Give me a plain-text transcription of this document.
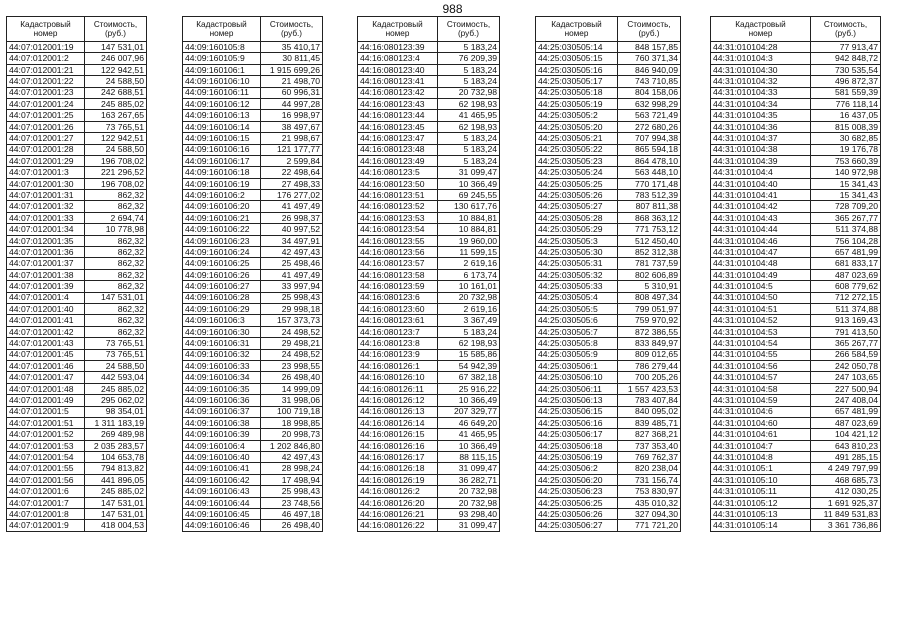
988
Кадастровый
номер	Стоимость,
(руб.)

44:07:012001:19	147 531,01
44:07:012001:2	246 007,96
44:07:012001:21	122 942,51
44:07:012001:22	24 588,50
44:07:012001:23	242 688,51
44:07:012001:24	245 885,02
44:07:012001:25	163 267,65
44:07:012001:26	73 765,51
44:07:012001:27	122 942,51
44:07:012001:28	24 588,50
44:07:012001:29	196 708,02
44:07:012001:3	221 296,52
44:07:012001:30	196 708,02
44:07:012001:31	862,32
44:07:012001:32	862,32
44:07:012001:33	2 694,74
44:07:012001:34	10 778,98
44:07:012001:35	862,32
44:07:012001:36	862,32
44:07:012001:37	862,32
44:07:012001:38	862,32
44:07:012001:39	862,32
44:07:012001:4	147 531,01
44:07:012001:40	862,32
44:07:012001:41	862,32
44:07:012001:42	862,32
44:07:012001:43	73 765,51
44:07:012001:45	73 765,51
44:07:012001:46	24 588,50
44:07:012001:47	442 593,04
44:07:012001:48	245 885,02
44:07:012001:49	295 062,02
44:07:012001:5	98 354,01
44:07:012001:51	1 311 183,19
44:07:012001:52	269 489,98
44:07:012001:53	2 035 283,57
44:07:012001:54	104 653,78
44:07:012001:55	794 813,82
44:07:012001:56	441 896,05
44:07:012001:6	245 885,02
44:07:012001:7	147 531,01
44:07:012001:8	147 531,01
44:07:012001:9	418 004,53
Кадастровый
номер	Стоимость,
(руб.)

44:09:160105:8	35 410,17
44:09:160105:9	30 811,45
44:09:160106:1	1 915 699,26
44:09:160106:10	21 498,70
44:09:160106:11	60 996,31
44:09:160106:12	44 997,28
44:09:160106:13	16 998,97
44:09:160106:14	38 497,67
44:09:160106:15	21 998,67
44:09:160106:16	121 177,77
44:09:160106:17	2 599,84
44:09:160106:18	22 498,64
44:09:160106:19	27 498,33
44:09:160106:2	176 277,02
44:09:160106:20	41 497,49
44:09:160106:21	26 998,37
44:09:160106:22	40 997,52
44:09:160106:23	34 497,91
44:09:160106:24	42 497,43
44:09:160106:25	25 498,46
44:09:160106:26	41 497,49
44:09:160106:27	33 997,94
44:09:160106:28	25 998,43
44:09:160106:29	29 998,18
44:09:160106:3	157 373,73
44:09:160106:30	24 498,52
44:09:160106:31	29 498,21
44:09:160106:32	24 498,52
44:09:160106:33	23 998,55
44:09:160106:34	26 498,40
44:09:160106:35	14 999,09
44:09:160106:36	31 998,06
44:09:160106:37	100 719,18
44:09:160106:38	18 998,85
44:09:160106:39	20 998,73
44:09:160106:4	1 202 846,80
44:09:160106:40	42 497,43
44:09:160106:41	28 998,24
44:09:160106:42	17 498,94
44:09:160106:43	25 998,43
44:09:160106:44	23 748,56
44:09:160106:45	46 497,18
44:09:160106:46	26 498,40
Кадастровый
номер	Стоимость,
(руб.)

44:16:080123:39	5 183,24
44:16:080123:4	76 209,39
44:16:080123:40	5 183,24
44:16:080123:41	5 183,24
44:16:080123:42	20 732,98
44:16:080123:43	62 198,93
44:16:080123:44	41 465,95
44:16:080123:45	62 198,93
44:16:080123:47	5 183,24
44:16:080123:48	5 183,24
44:16:080123:49	5 183,24
44:16:080123:5	31 099,47
44:16:080123:50	10 366,49
44:16:080123:51	69 245,55
44:16:080123:52	130 617,76
44:16:080123:53	10 884,81
44:16:080123:54	10 884,81
44:16:080123:55	19 960,00
44:16:080123:56	11 599,15
44:16:080123:57	2 619,16
44:16:080123:58	6 173,74
44:16:080123:59	10 161,01
44:16:080123:6	20 732,98
44:16:080123:60	2 619,16
44:16:080123:61	3 367,49
44:16:080123:7	5 183,24
44:16:080123:8	62 198,93
44:16:080123:9	15 585,86
44:16:080126:1	54 942,39
44:16:080126:10	67 382,18
44:16:080126:11	25 916,22
44:16:080126:12	10 366,49
44:16:080126:13	207 329,77
44:16:080126:14	46 649,20
44:16:080126:15	41 465,95
44:16:080126:16	10 366,49
44:16:080126:17	88 115,15
44:16:080126:18	31 099,47
44:16:080126:19	36 282,71
44:16:080126:2	20 732,98
44:16:080126:20	20 732,98
44:16:080126:21	93 298,40
44:16:080126:22	31 099,47
Кадастровый
номер	Стоимость,
(руб.)

44:25:030505:14	848 157,85
44:25:030505:15	760 371,34
44:25:030505:16	846 940,09
44:25:030505:17	743 710,85
44:25:030505:18	804 158,06
44:25:030505:19	632 998,29
44:25:030505:2	563 721,49
44:25:030505:20	272 680,26
44:25:030505:21	707 994,38
44:25:030505:22	865 594,18
44:25:030505:23	864 478,10
44:25:030505:24	563 448,10
44:25:030505:25	770 171,48
44:25:030505:26	783 512,39
44:25:030505:27	807 811,38
44:25:030505:28	868 363,12
44:25:030505:29	771 753,12
44:25:030505:3	512 450,40
44:25:030505:30	852 312,38
44:25:030505:31	781 737,59
44:25:030505:32	802 606,89
44:25:030505:33	5 310,91
44:25:030505:4	808 497,34
44:25:030505:5	799 051,97
44:25:030505:6	759 970,92
44:25:030505:7	872 386,55
44:25:030505:8	833 849,97
44:25:030505:9	809 012,65
44:25:030506:1	786 279,44
44:25:030506:10	700 205,26
44:25:030506:11	1 557 423,53
44:25:030506:13	783 407,84
44:25:030506:15	840 095,02
44:25:030506:16	839 485,71
44:25:030506:17	827 368,21
44:25:030506:18	737 353,40
44:25:030506:19	769 762,37
44:25:030506:2	820 238,04
44:25:030506:20	731 156,74
44:25:030506:23	753 830,97
44:25:030506:25	435 010,32
44:25:030506:26	327 094,30
44:25:030506:27	771 721,20
Кадастровый
номер	Стоимость,
(руб.)

44:31:010104:28	77 913,47
44:31:010104:3	942 848,72
44:31:010104:30	730 535,54
44:31:010104:32	496 872,37
44:31:010104:33	581 559,39
44:31:010104:34	776 118,14
44:31:010104:35	16 437,05
44:31:010104:36	815 008,39
44:31:010104:37	30 682,85
44:31:010104:38	19 176,78
44:31:010104:39	753 660,39
44:31:010104:4	140 972,98
44:31:010104:40	15 341,43
44:31:010104:41	15 341,43
44:31:010104:42	728 709,20
44:31:010104:43	365 267,77
44:31:010104:44	511 374,88
44:31:010104:46	756 104,28
44:31:010104:47	657 481,99
44:31:010104:48	681 833,17
44:31:010104:49	487 023,69
44:31:010104:5	608 779,62
44:31:010104:50	712 272,15
44:31:010104:51	511 374,88
44:31:010104:52	913 169,43
44:31:010104:53	791 413,50
44:31:010104:54	365 267,77
44:31:010104:55	266 584,59
44:31:010104:56	242 050,78
44:31:010104:57	247 103,65
44:31:010104:58	227 500,94
44:31:010104:59	247 408,04
44:31:010104:6	657 481,99
44:31:010104:60	487 023,69
44:31:010104:61	104 421,12
44:31:010104:7	643 810,23
44:31:010104:8	491 285,15
44:31:010105:1	4 249 797,99
44:31:010105:10	468 685,73
44:31:010105:11	412 030,25
44:31:010105:12	1 691 925,37
44:31:010105:13	11 849 531,83
44:31:010105:14	3 361 736,86
